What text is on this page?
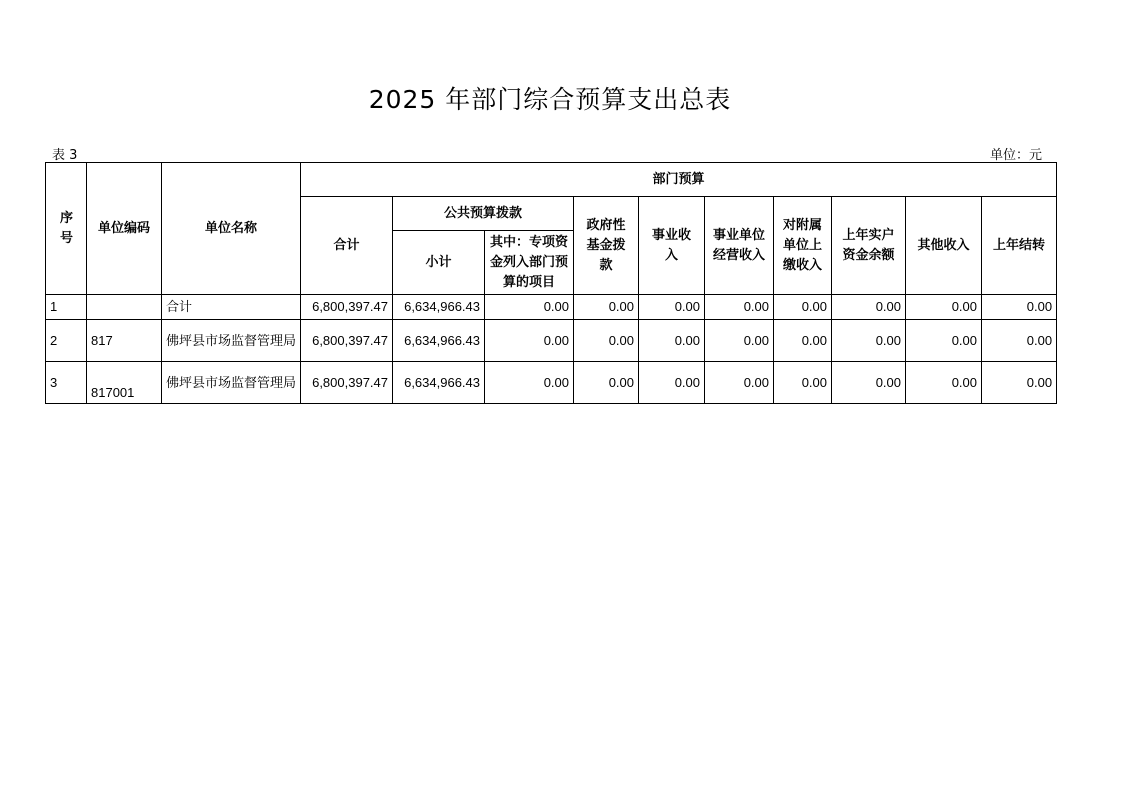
2025 年部门综合预算支出总表
表 3	单位：元
序号	单位编码	单位名称	部门预算									
			合计	公共预算拨款		政府性基金拨款	事业收入	事业单位经营收入	对附属单位上缴收入	上年实户资金余额	其他收入	上年结转
				小计	其中：专项资金列入部门预算的项目							
1		合计	6,800,397.47	6,634,966.43	0.00	0.00	0.00	0.00	0.00	0.00	0.00	0.00
2	817	佛坪县市场监督管理局	6,800,397.47	6,634,966.43	0.00	0.00	0.00	0.00	0.00	0.00	0.00	0.00
3	817001	佛坪县市场监督管理局	6,800,397.47	6,634,966.43	0.00	0.00	0.00	0.00	0.00	0.00	0.00	0.00
